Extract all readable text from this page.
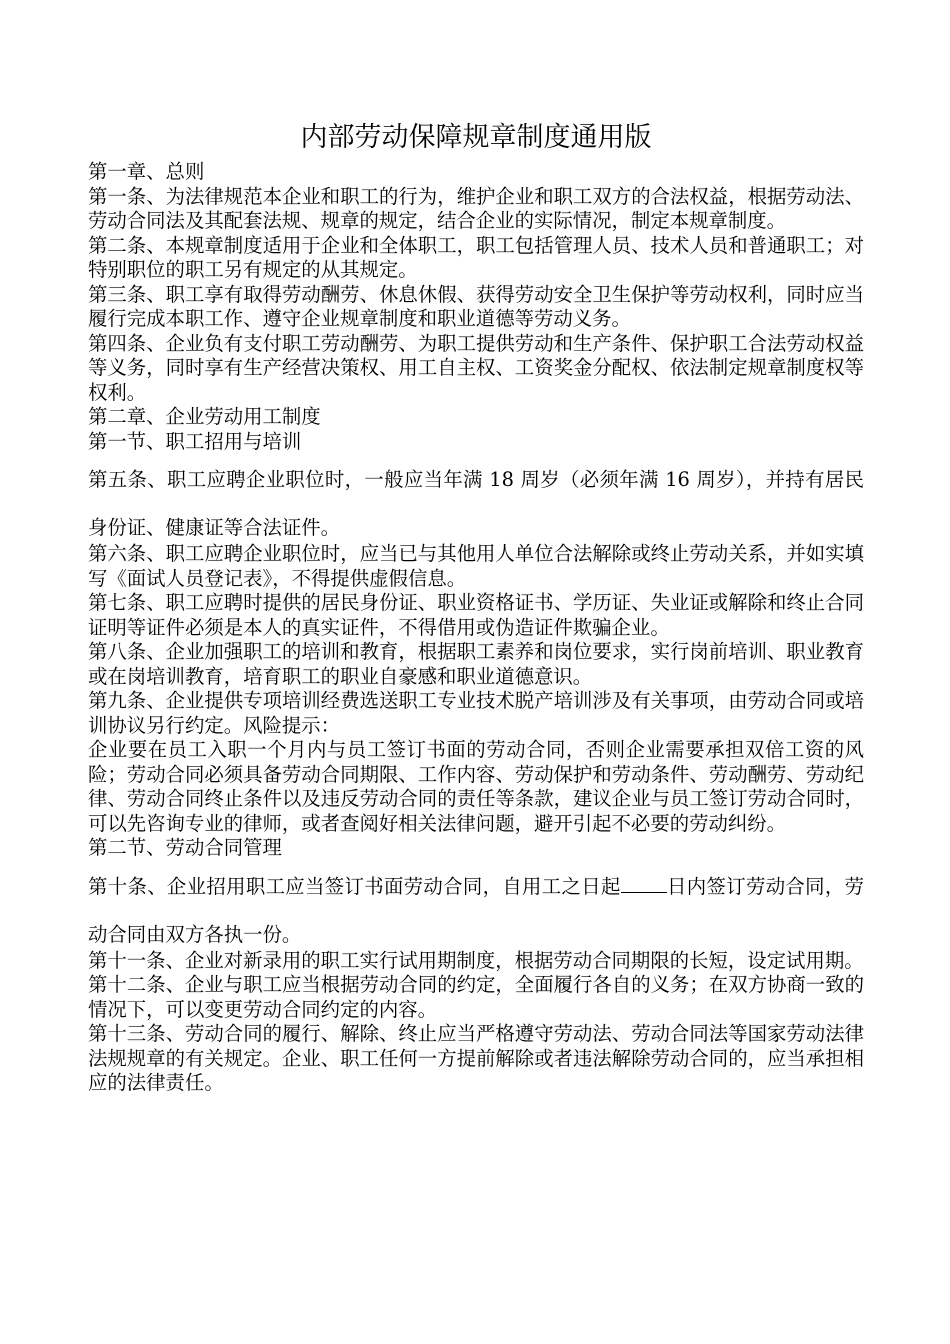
内部劳动保障规章制度通用版

第一章、总则

第一条、为法律规范本企业和职工的行为，维护企业和职工双方的合法权益，根据劳动法、劳动合同法及其配套法规、规章的规定，结合企业的实际情况，制定本规章制度。

第二条、本规章制度适用于企业和全体职工，职工包括管理人员、技术人员和普通职工；对特别职位的职工另有规定的从其规定。

第三条、职工享有取得劳动酬劳、休息休假、获得劳动安全卫生保护等劳动权利，同时应当履行完成本职工作、遵守企业规章制度和职业道德等劳动义务。

第四条、企业负有支付职工劳动酬劳、为职工提供劳动和生产条件、保护职工合法劳动权益等义务，同时享有生产经营决策权、用工自主权、工资奖金分配权、依法制定规章制度权等权利。

第二章、企业劳动用工制度

第一节、职工招用与培训

第五条、职工应聘企业职位时，一般应当年满 18 周岁（必须年满 16 周岁），并持有居民身份证、健康证等合法证件。

第六条、职工应聘企业职位时，应当已与其他用人单位合法解除或终止劳动关系，并如实填写《面试人员登记表》，不得提供虚假信息。

第七条、职工应聘时提供的居民身份证、职业资格证书、学历证、失业证或解除和终止合同证明等证件必须是本人的真实证件，不得借用或伪造证件欺骗企业。

第八条、企业加强职工的培训和教育，根据职工素养和岗位要求，实行岗前培训、职业教育或在岗培训教育，培育职工的职业自豪感和职业道德意识。

第九条、企业提供专项培训经费选送职工专业技术脱产培训涉及有关事项，由劳动合同或培训协议另行约定。风险提示：

企业要在员工入职一个月内与员工签订书面的劳动合同，否则企业需要承担双倍工资的风险；劳动合同必须具备劳动合同期限、工作内容、劳动保护和劳动条件、劳动酬劳、劳动纪律、劳动合同终止条件以及违反劳动合同的责任等条款，建议企业与员工签订劳动合同时，可以先咨询专业的律师，或者查阅好相关法律问题，避开引起不必要的劳动纠纷。

第二节、劳动合同管理

第十条、企业招用职工应当签订书面劳动合同，自用工之日起 日内签订劳动合同，劳动合同由双方各执一份。

第十一条、企业对新录用的职工实行试用期制度，根据劳动合同期限的长短，设定试用期。

第十二条、企业与职工应当根据劳动合同的约定，全面履行各自的义务；在双方协商一致的情况下，可以变更劳动合同约定的内容。

第十三条、劳动合同的履行、解除、终止应当严格遵守劳动法、劳动合同法等国家劳动法律法规规章的有关规定。企业、职工任何一方提前解除或者违法解除劳动合同的，应当承担相应的法律责任。
